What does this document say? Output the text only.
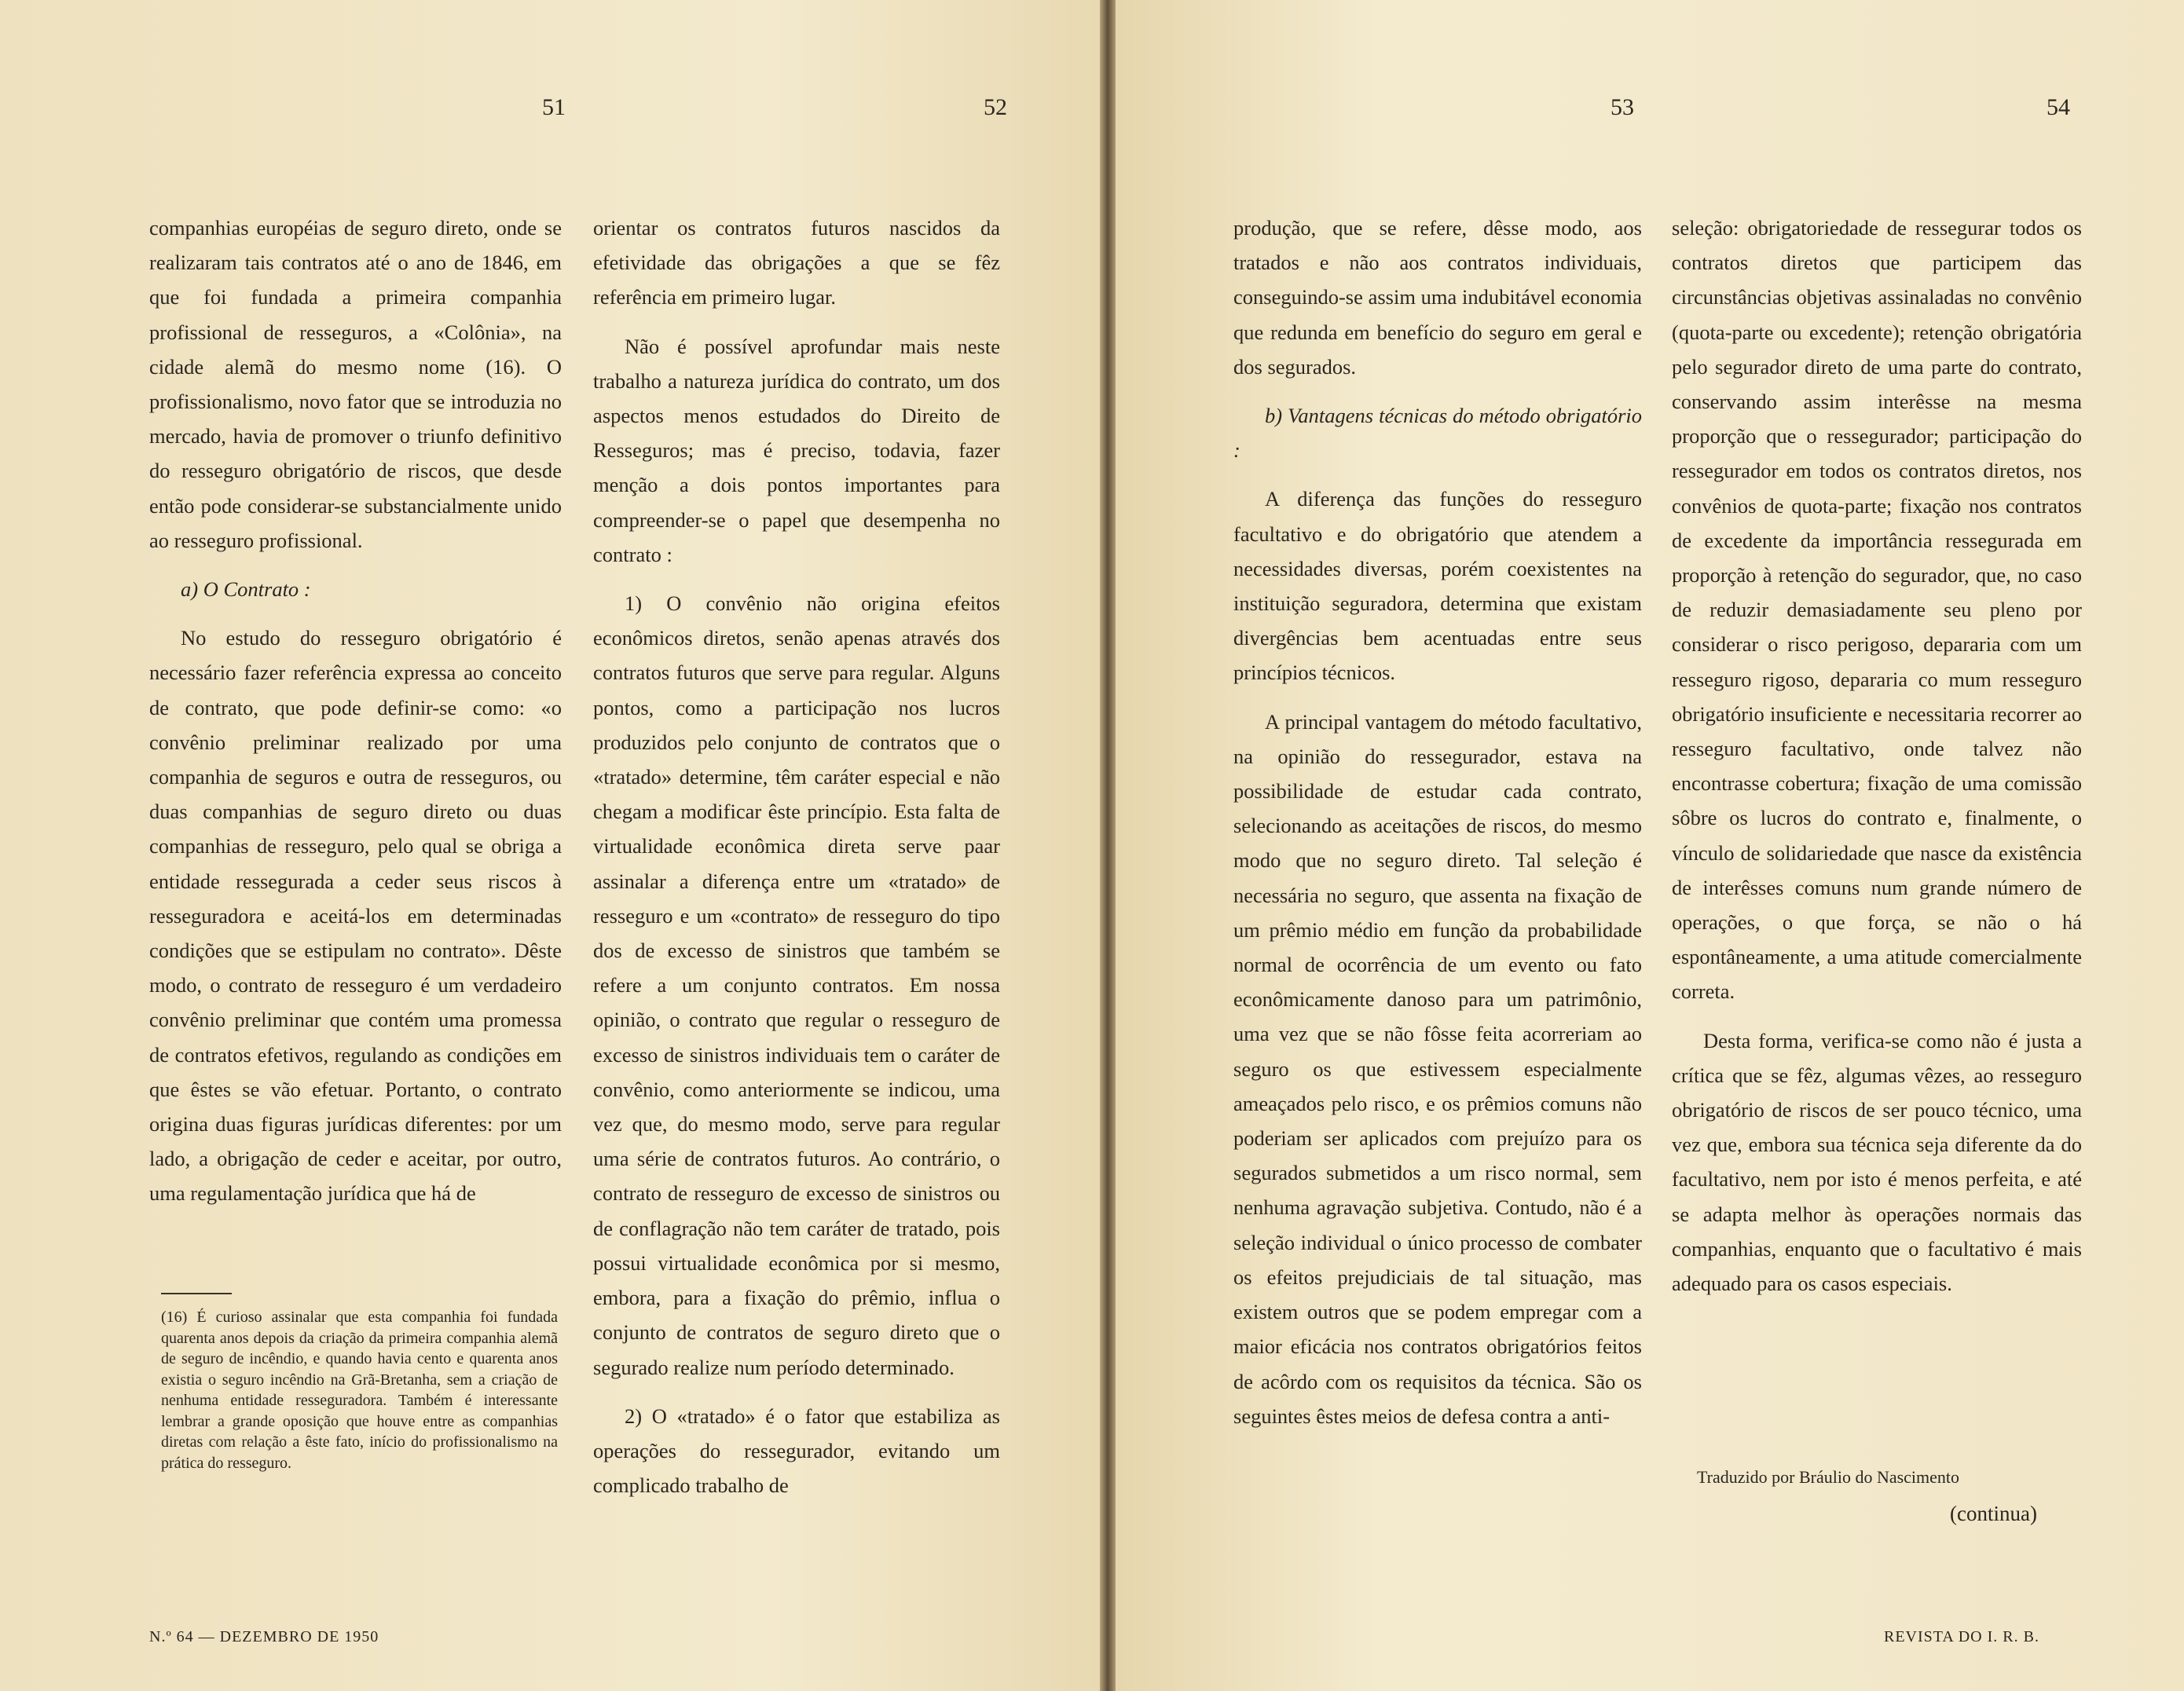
51

companhias européias de seguro direto, onde se realizaram tais contratos até o ano de 1846, em que foi fundada a primeira companhia profissional de resseguros, a «Colônia», na cidade alemã do mesmo nome (16). O profissionalismo, novo fator que se introduzia no mercado, havia de promover o triunfo definitivo do resseguro obrigatório de riscos, que desde então pode considerar-se substancialmente unido ao resseguro profissional.

a) O Contrato :

No estudo do resseguro obrigatório é necessário fazer referência expressa ao conceito de contrato, que pode definir-se como: «o convênio preliminar realizado por uma companhia de seguros e outra de resseguros, ou duas companhias de seguro direto ou duas companhias de resseguro, pelo qual se obriga a entidade ressegurada a ceder seus riscos à resseguradora e aceitá-los em determinadas condições que se estipulam no contrato». Dêste modo, o contrato de resseguro é um verdadeiro convênio preliminar que contém uma promessa de contratos efetivos, regulando as condições em que êstes se vão efetuar. Portanto, o contrato origina duas figuras jurídicas diferentes: por um lado, a obrigação de ceder e aceitar, por outro, uma regulamentação jurídica que há de

(16) É curioso assinalar que esta companhia foi fundada quarenta anos depois da criação da primeira companhia alemã de seguro de incêndio, e quando havia cento e quarenta anos existia o seguro incêndio na Grã-Bretanha, sem a criação de nenhuma entidade resseguradora. Também é interessante lembrar a grande oposição que houve entre as companhias diretas com relação a êste fato, início do profissionalismo na prática do resseguro.
N.º 64 — DEZEMBRO DE 1950
52

orientar os contratos futuros nascidos da efetividade das obrigações a que se fêz referência em primeiro lugar.

Não é possível aprofundar mais neste trabalho a natureza jurídica do contrato, um dos aspectos menos estudados do Direito de Resseguros; mas é preciso, todavia, fazer menção a dois pontos importantes para compreender-se o papel que desempenha no contrato :

1) O convênio não origina efeitos econômicos diretos, senão apenas através dos contratos futuros que serve para regular. Alguns pontos, como a participação nos lucros produzidos pelo conjunto de contratos que o «tratado» determine, têm caráter especial e não chegam a modificar êste princípio. Esta falta de virtualidade econômica direta serve paar assinalar a diferença entre um «tratado» de resseguro e um «contrato» de resseguro do tipo dos de excesso de sinistros que também se refere a um conjunto contratos. Em nossa opinião, o contrato que regular o resseguro de excesso de sinistros individuais tem o caráter de convênio, como anteriormente se indicou, uma vez que, do mesmo modo, serve para regular uma série de contratos futuros. Ao contrário, o contrato de resseguro de excesso de sinistros ou de conflagração não tem caráter de tratado, pois possui virtualidade econômica por si mesmo, embora, para a fixação do prêmio, influa o conjunto de contratos de seguro direto que o segurado realize num período determinado.

2) O «tratado» é o fator que estabiliza as operações do ressegurador, evitando um complicado trabalho de

53

produção, que se refere, dêsse modo, aos tratados e não aos contratos individuais, conseguindo-se assim uma indubitável economia que redunda em benefício do seguro em geral e dos segurados.

b) Vantagens técnicas do método obrigatório :

A diferença das funções do resseguro facultativo e do obrigatório que atendem a necessidades diversas, porém coexistentes na instituição seguradora, determina que existam divergências bem acentuadas entre seus princípios técnicos.

A principal vantagem do método facultativo, na opinião do ressegurador, estava na possibilidade de estudar cada contrato, selecionando as aceitações de riscos, do mesmo modo que no seguro direto. Tal seleção é necessária no seguro, que assenta na fixação de um prêmio médio em função da probabilidade normal de ocorrência de um evento ou fato econômicamente danoso para um patrimônio, uma vez que se não fôsse feita acorreriam ao seguro os que estivessem especialmente ameaçados pelo risco, e os prêmios comuns não poderiam ser aplicados com prejuízo para os segurados submetidos a um risco normal, sem nenhuma agravação subjetiva. Contudo, não é a seleção individual o único processo de combater os efeitos prejudiciais de tal situação, mas existem outros que se podem empregar com a maior eficácia nos contratos obrigatórios feitos de acôrdo com os requisitos da técnica. São os seguintes êstes meios de defesa contra a anti-

54

seleção: obrigatoriedade de ressegurar todos os contratos diretos que participem das circunstâncias objetivas assinaladas no convênio (quota-parte ou excedente); retenção obrigatória pelo segurador direto de uma parte do contrato, conservando assim interêsse na mesma proporção que o ressegurador; participação do ressegurador em todos os contratos diretos, nos convênios de quota-parte; fixação nos contratos de excedente da importância ressegurada em proporção à retenção do segurador, que, no caso de reduzir demasiadamente seu pleno por considerar o risco perigoso, depararia com um resseguro rigoso, depararia co mum resseguro obrigatório insuficiente e necessitaria recorrer ao resseguro facultativo, onde talvez não encontrasse cobertura; fixação de uma comissão sôbre os lucros do contrato e, finalmente, o vínculo de solidariedade que nasce da existência de interêsses comuns num grande número de operações, o que força, se não o há espontâneamente, a uma atitude comercialmente correta.

Desta forma, verifica-se como não é justa a crítica que se fêz, algumas vêzes, ao resseguro obrigatório de riscos de ser pouco técnico, uma vez que, embora sua técnica seja diferente da do facultativo, nem por isto é menos perfeita, e até se adapta melhor às operações normais das companhias, enquanto que o facultativo é mais adequado para os casos especiais.

Traduzido por Bráulio do Nascimento
(continua)
REVISTA DO I. R. B.
